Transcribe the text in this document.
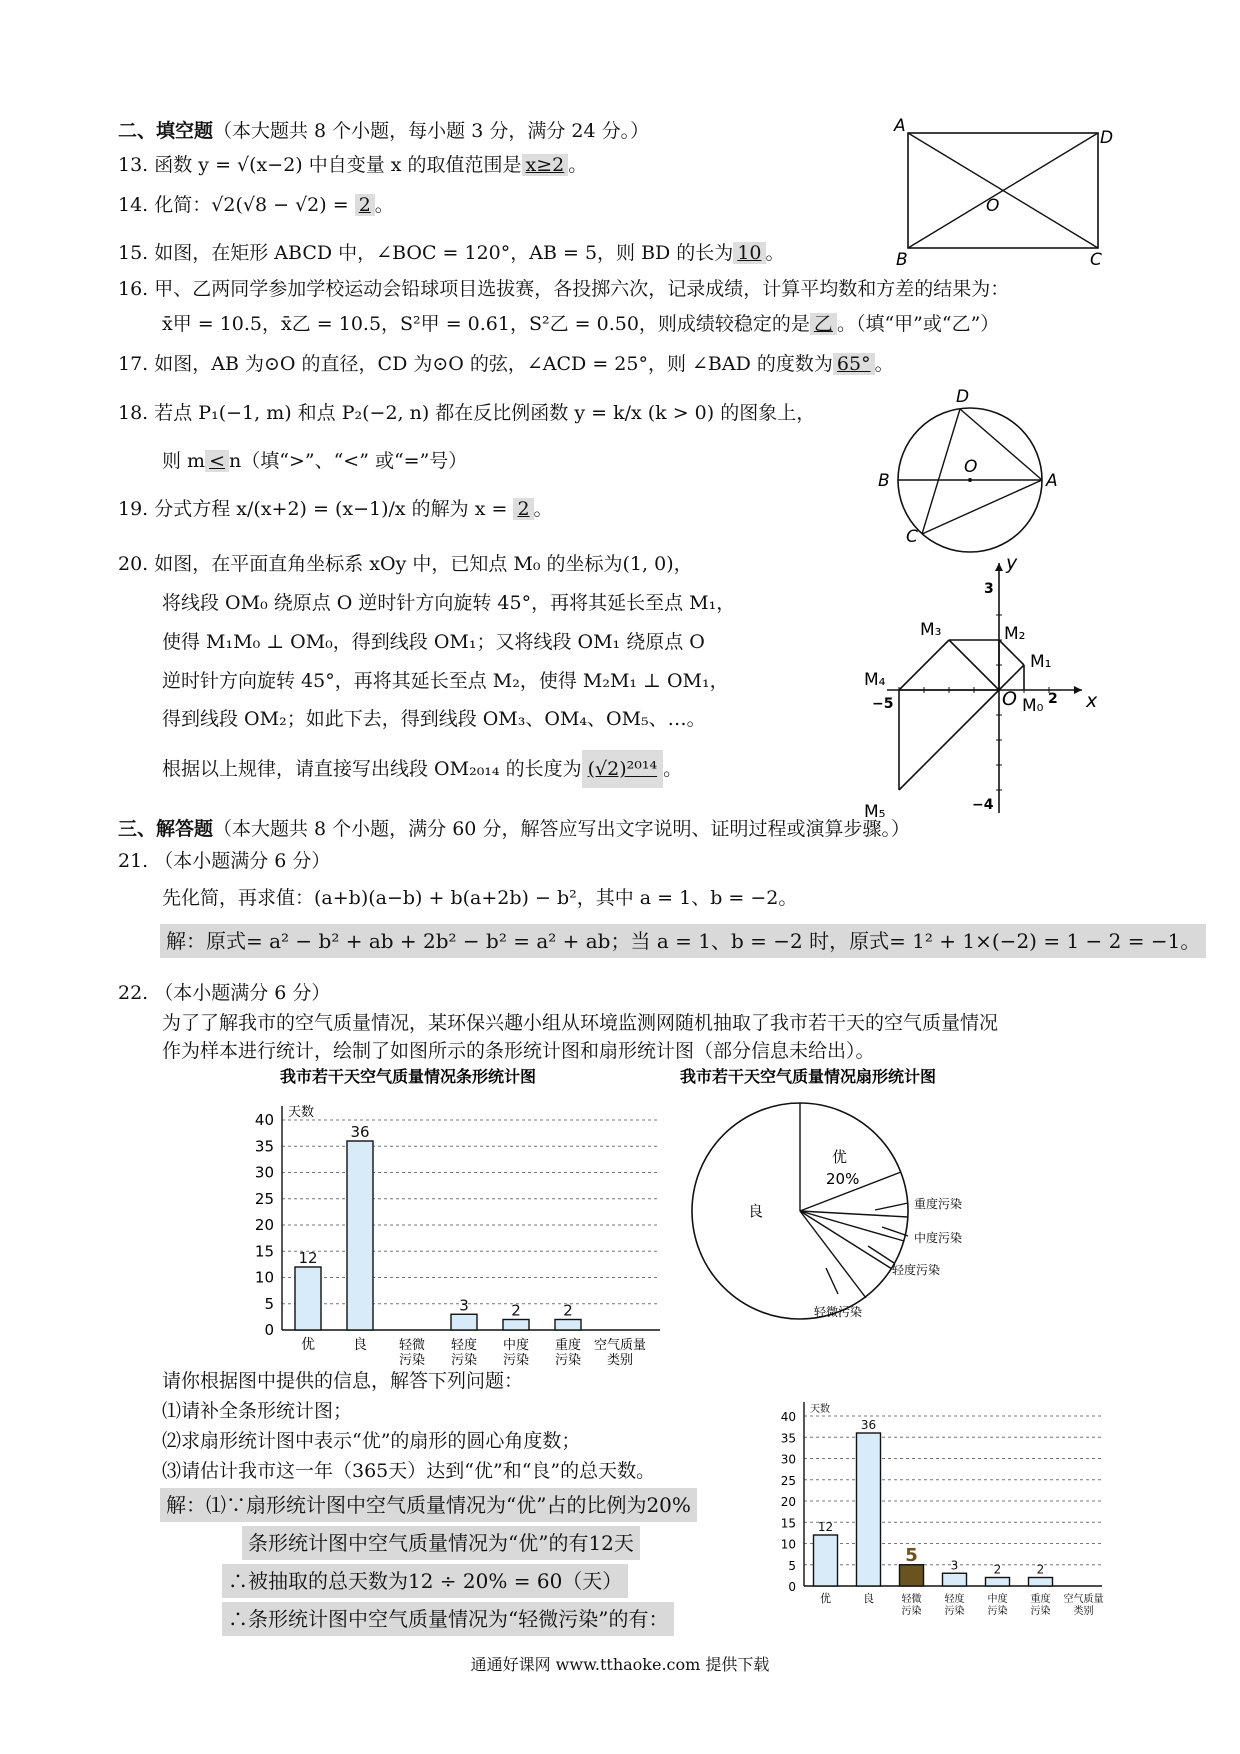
二、填空题（本大题共 8 个小题，每小题 3 分，满分 24 分。）
13. 函数 y = √(x−2) 中自变量 x 的取值范围是 x≥2 。
14. 化简：√2(√8 − √2) = 2 。
15. 如图，在矩形 ABCD 中，∠BOC = 120°，AB = 5，则 BD 的长为 10 。
16. 甲、乙两同学参加学校运动会铅球项目选拔赛，各投掷六次，记录成绩，计算平均数和方差的结果为：
x̄甲 = 10.5，x̄乙 = 10.5，S²甲 = 0.61，S²乙 = 0.50，则成绩较稳定的是 乙 。（填“甲”或“乙”）
17. 如图，AB 为⊙O 的直径，CD 为⊙O 的弦，∠ACD = 25°，则 ∠BAD 的度数为 65° 。
18. 若点 P₁(−1, m) 和点 P₂(−2, n) 都在反比例函数 y = k/x (k > 0) 的图象上，
则 m < n（填“>”、“<” 或“=”号）
19. 分式方程 x/(x+2) = (x−1)/x 的解为 x = 2 。
20. 如图，在平面直角坐标系 xOy 中，已知点 M₀ 的坐标为(1, 0)，
将线段 OM₀ 绕原点 O 逆时针方向旋转 45°，再将其延长至点 M₁，
使得 M₁M₀ ⊥ OM₀，得到线段 OM₁；又将线段 OM₁ 绕原点 O
逆时针方向旋转 45°，再将其延长至点 M₂，使得 M₂M₁ ⊥ OM₁，
得到线段 OM₂；如此下去，得到线段 OM₃、OM₄、OM₅、…。
根据以上规律，请直接写出线段 OM₂₀₁₄ 的长度为 (√2)²⁰¹⁴ 。
A
D
B	C
O
D
B	A
C
O
y
x
O
3
−5	2
−4
M₁
M₂
M₃
M₄
M₅
M₀
三、解答题（本大题共 8 个小题，满分 60 分，解答应写出文字说明、证明过程或演算步骤。）
21. （本小题满分 6 分）
先化简，再求值：(a+b)(a−b) + b(a+2b) − b²，其中 a = 1、b = −2。
解：原式= a² − b² + ab + 2b² − b² = a² + ab；当 a = 1、b = −2 时，原式= 1² + 1×(−2) = 1 − 2 = −1。
22. （本小题满分 6 分）
为了了解我市的空气质量情况，某环保兴趣小组从环境监测网随机抽取了我市若干天的空气质量情况
作为样本进行统计，绘制了如图所示的条形统计图和扇形统计图（部分信息未给出）。
我市若干天空气质量情况条形统计图
0
5
10
15
20
25
30
35
40 天数
12
优
36
良 轻微
污染
3
轻度
污染
2
中度
污染
2
重度
污染
空气质量
类别
我市若干天空气质量情况扇形统计图
优
20%
良	重度污染
中度污染
轻度污染
轻微污染
请你根据图中提供的信息，解答下列问题：
⑴请补全条形统计图；
⑵求扇形统计图中表示“优”的扇形的圆心角度数；
⑶请估计我市这一年（365天）达到“优”和“良”的总天数。
解：⑴∵扇形统计图中空气质量情况为“优”占的比例为20%
条形统计图中空气质量情况为“优”的有12天
∴被抽取的总天数为12 ÷ 20% = 60（天）
∴条形统计图中空气质量情况为“轻微污染”的有：
0
5
10
15
20
25
30
35
40
天数
12
优
36
良
5
轻微
污染
3
轻度
污染
2
中度
污染
2
重度
污染
空气质量
类别
通通好课网 www.tthaoke.com 提供下载
